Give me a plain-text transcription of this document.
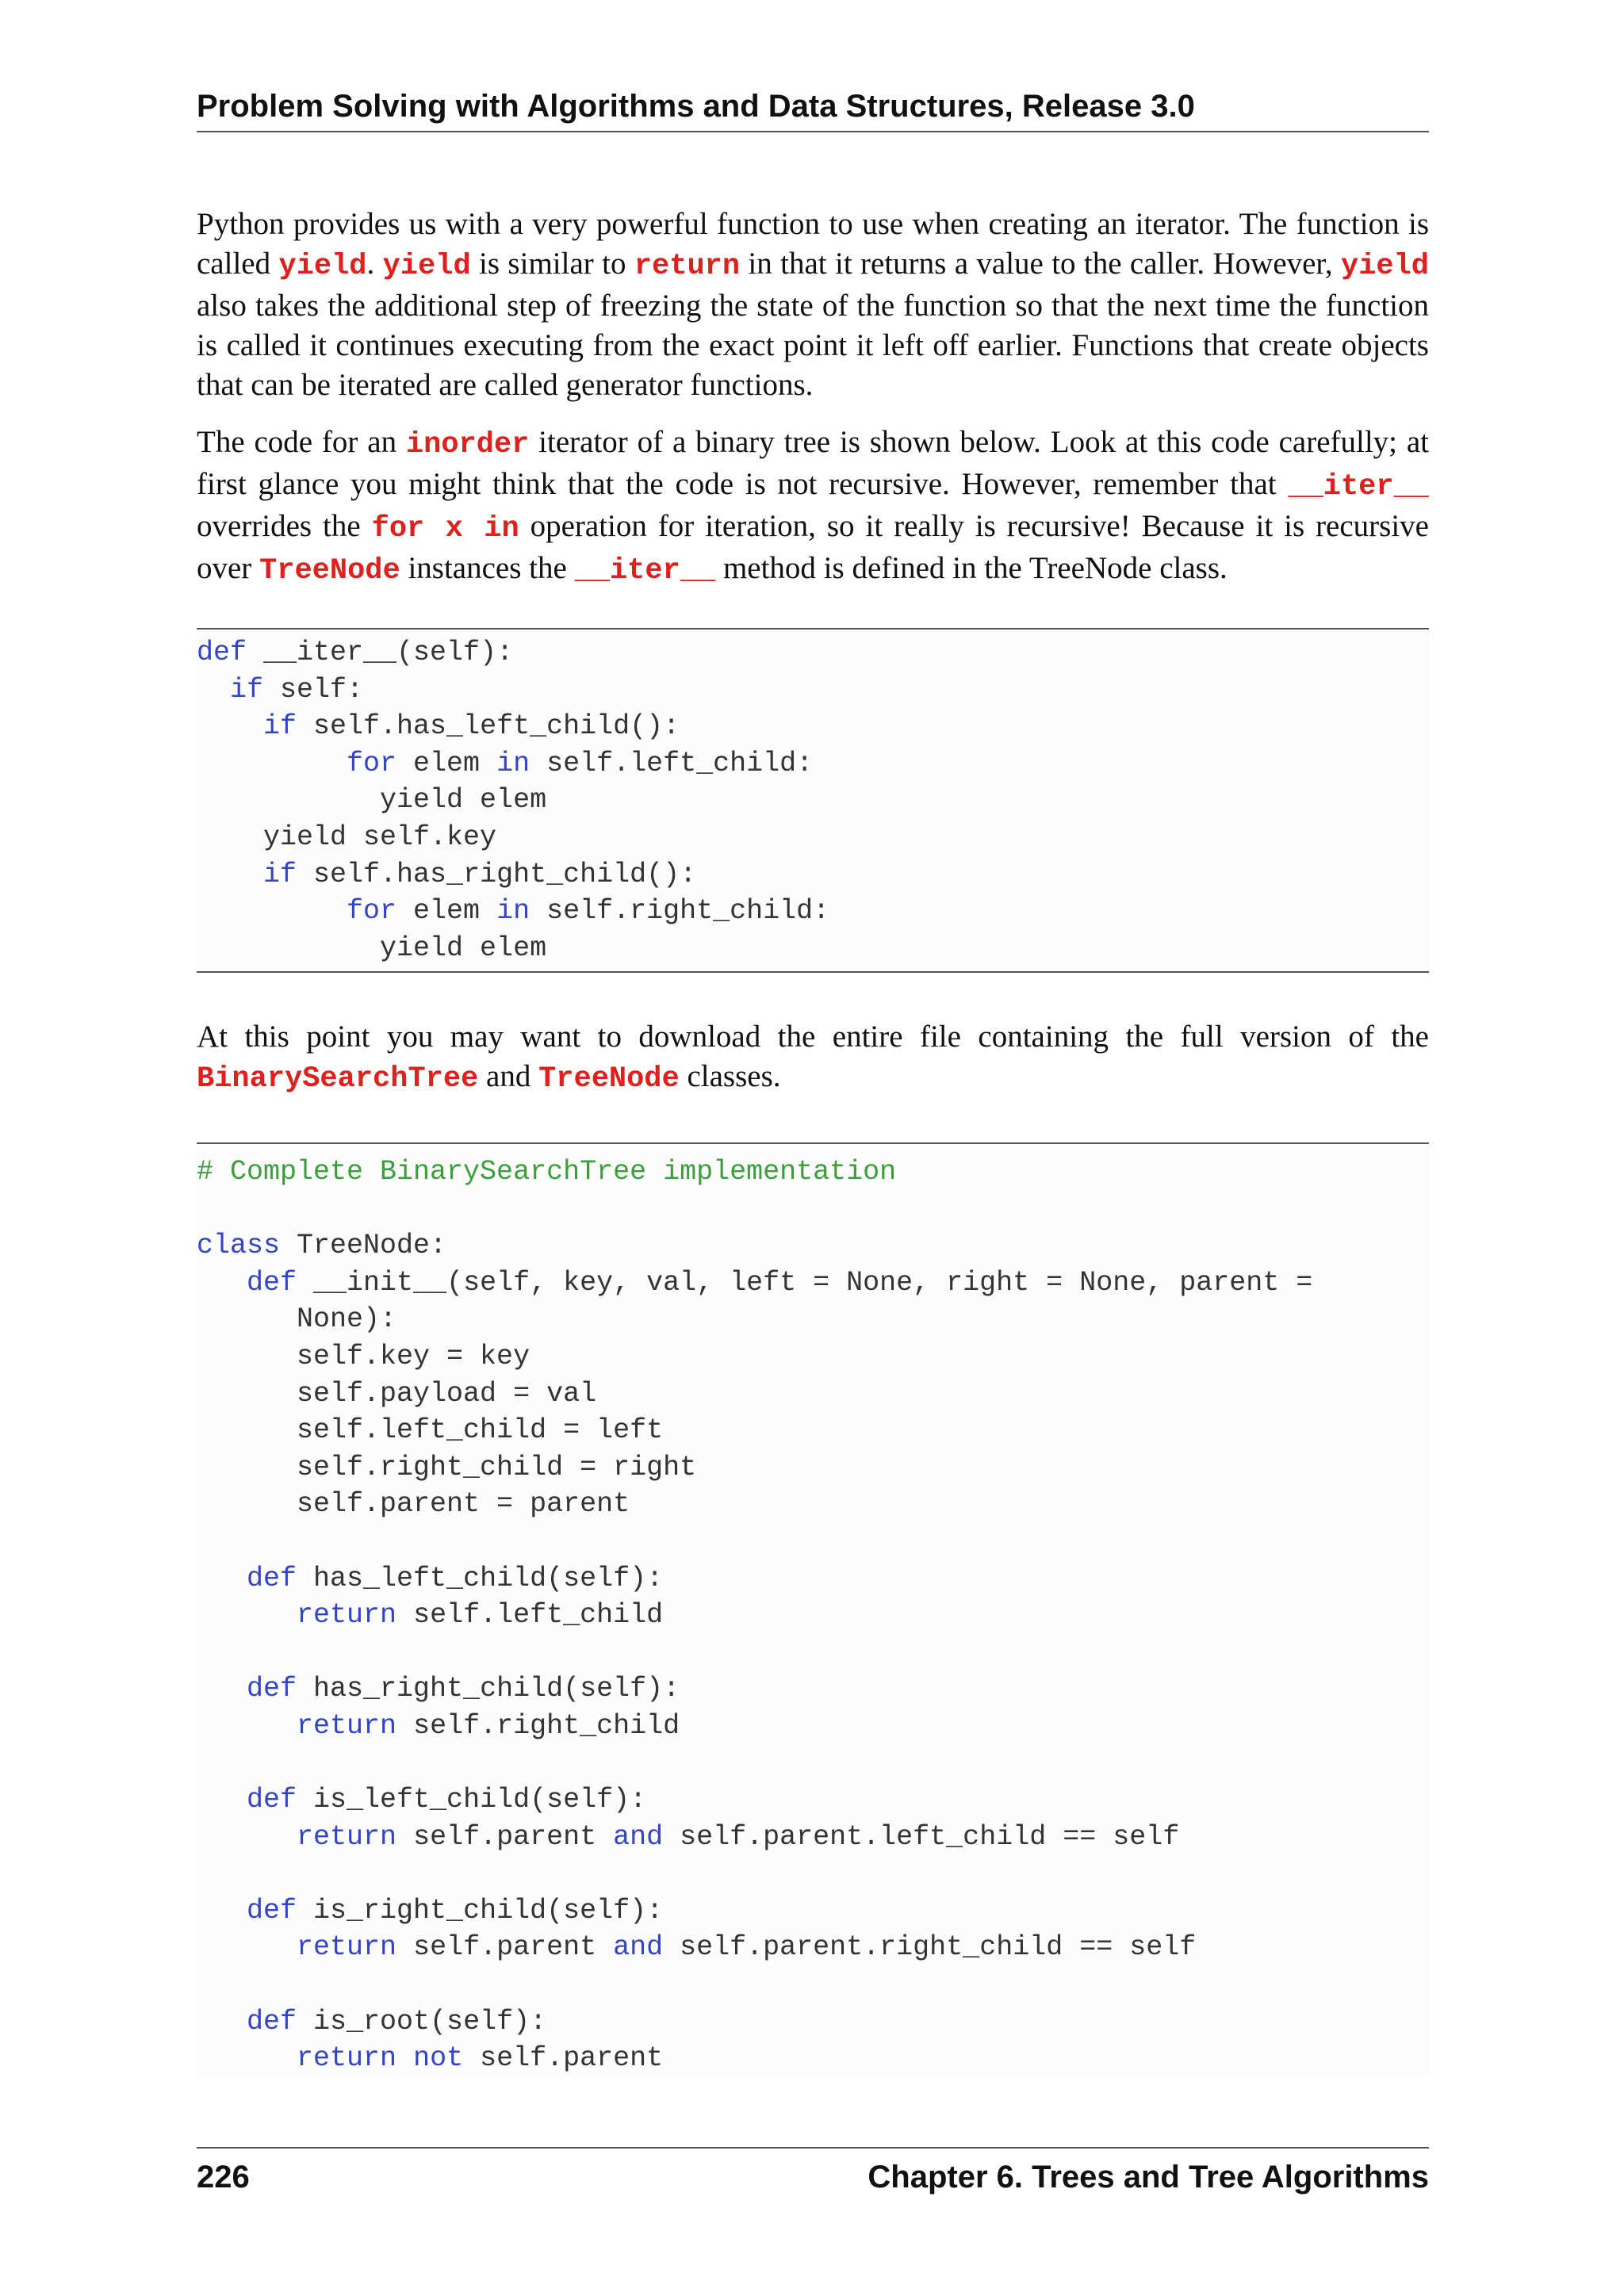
Problem Solving with Algorithms and Data Structures, Release 3.0
Python provides us with a very powerful function to use when creating an iterator. The function is called yield. yield is similar to return in that it returns a value to the caller. However, yield also takes the additional step of freezing the state of the function so that the next time the function is called it continues executing from the exact point it left off earlier. Functions that create objects that can be iterated are called generator functions.
The code for an inorder iterator of a binary tree is shown below. Look at this code carefully; at first glance you might think that the code is not recursive. However, remember that __iter__ overrides the for x in operation for iteration, so it really is recursive! Because it is recursive over TreeNode instances the __iter__ method is defined in the TreeNode class.
def __iter__(self):
if self:
if self.has_left_child():
for elem in self.left_child:
yield elem
yield self.key
if self.has_right_child():
for elem in self.right_child:
yield elem
At this point you may want to download the entire file containing the full version of the BinarySearchTree and TreeNode classes.
# Complete BinarySearchTree implementation
class TreeNode:
def __init__(self, key, val, left = None, right = None, parent =
None):
self.key = key
self.payload = val
self.left_child = left
self.right_child = right
self.parent = parent
def has_left_child(self):
return self.left_child
def has_right_child(self):
return self.right_child
def is_left_child(self):
return self.parent and self.parent.left_child == self
def is_right_child(self):
return self.parent and self.parent.right_child == self
def is_root(self):
return not self.parent
226	Chapter 6. Trees and Tree Algorithms
